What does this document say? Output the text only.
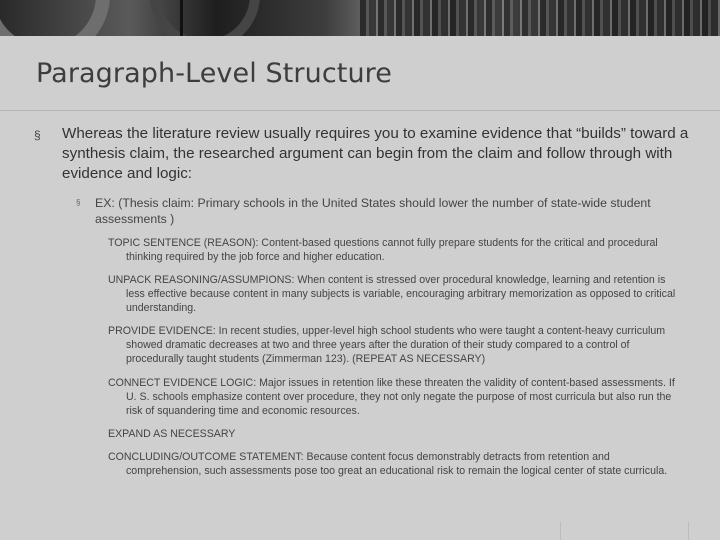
Paragraph-Level Structure
§ Whereas the literature review usually requires you to examine evidence that “builds” toward a synthesis claim, the researched argument can begin from the claim and follow through with evidence and logic:
§ EX: (Thesis claim: Primary schools in the United States should lower the number of state-wide student assessments )

TOPIC SENTENCE (REASON): Content-based questions cannot fully prepare students for the critical and procedural thinking required by the job force and higher education.

UNPACK REASONING/ASSUMPIONS: When content is stressed over procedural knowledge, learning and retention is less effective because content in many subjects is variable, encouraging arbitrary memorization as opposed to critical understanding.

PROVIDE EVIDENCE: In recent studies, upper-level high school students who were taught a content-heavy curriculum showed dramatic decreases at two and three years after the duration of their study compared to a control of procedurally taught students (Zimmerman 123). (REPEAT AS NECESSARY)

CONNECT EVIDENCE LOGIC: Major issues in retention like these threaten the validity of content-based assessments. If U. S. schools emphasize content over procedure, they not only negate the purpose of most curricula but also run the risk of squandering time and economic resources.

EXPAND AS NECESSARY

CONCLUDING/OUTCOME STATEMENT: Because content focus demonstrably detracts from retention and comprehension, such assessments pose too great an educational risk to remain the logical center of state curricula.
